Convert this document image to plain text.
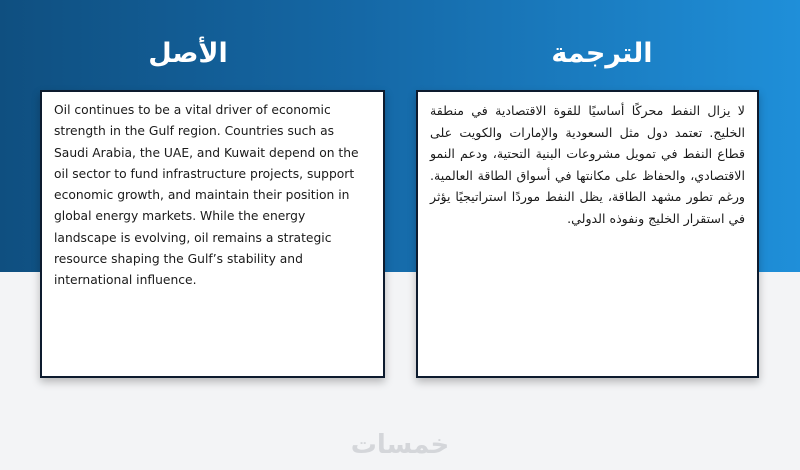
الأصل	الترجمة

Oil continues to be a vital driver of economic strength in the Gulf region. Countries such as Saudi Arabia, the UAE, and Kuwait depend on the oil sector to fund infrastructure projects, support economic growth, and maintain their position in global energy markets. While the energy landscape is evolving, oil remains a strategic resource shaping the Gulf’s stability and international influence.

لا يزال النفط محركًا أساسيًا للقوة الاقتصادية في منطقة الخليج. تعتمد دول مثل السعودية والإمارات والكويت على قطاع النفط في تمويل مشروعات البنية التحتية، ودعم النمو الاقتصادي، والحفاظ على مكانتها في أسواق الطاقة العالمية. ورغم تطور مشهد الطاقة، يظل النفط موردًا استراتيجيًا يؤثر في استقرار الخليج ونفوذه الدولي.

خمسات
